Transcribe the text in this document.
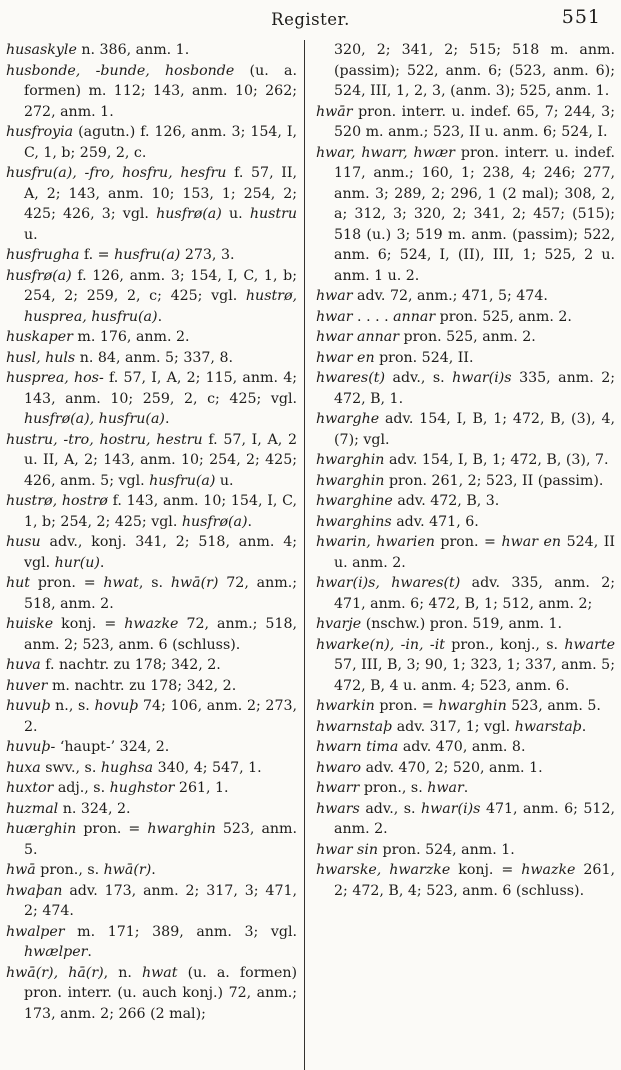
Register.	551

husaskyle n. 386, anm. 1.

husbonde, -bunde, hosbonde (u. a. formen) m. 112; 143, anm. 10; 262; 272, anm. 1.

husfroyia (agutn.) f. 126, anm. 3; 154, I, C, 1, b; 259, 2, c.

husfru(a), -fro, hosfru, hesfru f. 57, II, A, 2; 143, anm. 10; 153, 1; 254, 2; 425; 426, 3; vgl. husfrø(a) u. hustru u.

husfrugha f. = husfru(a) 273, 3.

husfrø(a) f. 126, anm. 3; 154, I, C, 1, b; 254, 2; 259, 2, c; 425; vgl. hustrø, husprea, husfru(a).

huskaper m. 176, anm. 2.

husl, huls n. 84, anm. 5; 337, 8.

husprea, hos- f. 57, I, A, 2; 115, anm. 4; 143, anm. 10; 259, 2, c; 425; vgl. husfrø(a), husfru(a).

hustru, -tro, hostru, hestru f. 57, I, A, 2 u. II, A, 2; 143, anm. 10; 254, 2; 425; 426, anm. 5; vgl. husfru(a) u.

hustrø, hostrø f. 143, anm. 10; 154, I, C, 1, b; 254, 2; 425; vgl. husfrø(a).

husu adv., konj. 341, 2; 518, anm. 4; vgl. hur(u).

hut pron. = hwat, s. hwā(r) 72, anm.; 518, anm. 2.

huiske konj. = hwazke 72, anm.; 518, anm. 2; 523, anm. 6 (schluss).

huva f. nachtr. zu 178; 342, 2.

huver m. nachtr. zu 178; 342, 2.

huvuþ n., s. hovuþ 74; 106, anm. 2; 273, 2.

huvuþ- ‘haupt-’ 324, 2.

huxa swv., s. hughsa 340, 4; 547, 1.

huxtor adj., s. hughstor 261, 1.

huzmal n. 324, 2.

huærghin pron. = hwarghin 523, anm. 5.

hwā pron., s. hwā(r).

hwaþan adv. 173, anm. 2; 317, 3; 471, 2; 474.

hwalper m. 171; 389, anm. 3; vgl. hwælper.

hwā(r), hā(r), n. hwat (u. a. formen) pron. interr. (u. auch konj.) 72, anm.; 173, anm. 2; 266 (2 mal);

320, 2; 341, 2; 515; 518 m. anm. (passim); 522, anm. 6; (523, anm. 6); 524, III, 1, 2, 3, (anm. 3); 525, anm. 1.

hwār pron. interr. u. indef. 65, 7; 244, 3; 520 m. anm.; 523, II u. anm. 6; 524, I.

hwar, hwarr, hwær pron. interr. u. indef. 117, anm.; 160, 1; 238, 4; 246; 277, anm. 3; 289, 2; 296, 1 (2 mal); 308, 2, a; 312, 3; 320, 2; 341, 2; 457; (515); 518 (u.) 3; 519 m. anm. (passim); 522, anm. 6; 524, I, (II), III, 1; 525, 2 u. anm. 1 u. 2.

hwar adv. 72, anm.; 471, 5; 474.

hwar . . . . annar pron. 525, anm. 2.

hwar annar pron. 525, anm. 2.

hwar en pron. 524, II.

hwares(t) adv., s. hwar(i)s 335, anm. 2; 472, B, 1.

hwarghe adv. 154, I, B, 1; 472, B, (3), 4, (7); vgl.

hwarghin adv. 154, I, B, 1; 472, B, (3), 7.

hwarghin pron. 261, 2; 523, II (passim).

hwarghine adv. 472, B, 3.

hwarghins adv. 471, 6.

hwarin, hwarien pron. = hwar en 524, II u. anm. 2.

hwar(i)s, hwares(t) adv. 335, anm. 2; 471, anm. 6; 472, B, 1; 512, anm. 2;

hvarje (nschw.) pron. 519, anm. 1.

hwarke(n), -in, -it pron., konj., s. hwarte 57, III, B, 3; 90, 1; 323, 1; 337, anm. 5; 472, B, 4 u. anm. 4; 523, anm. 6.

hwarkin pron. = hwarghin 523, anm. 5.

hwarnstaþ adv. 317, 1; vgl. hwarstaþ.

hwarn tima adv. 470, anm. 8.

hwaro adv. 470, 2; 520, anm. 1.

hwarr pron., s. hwar.

hwars adv., s. hwar(i)s 471, anm. 6; 512, anm. 2.

hwar sin pron. 524, anm. 1.

hwarske, hwarzke konj. = hwazke 261, 2; 472, B, 4; 523, anm. 6 (schluss).
